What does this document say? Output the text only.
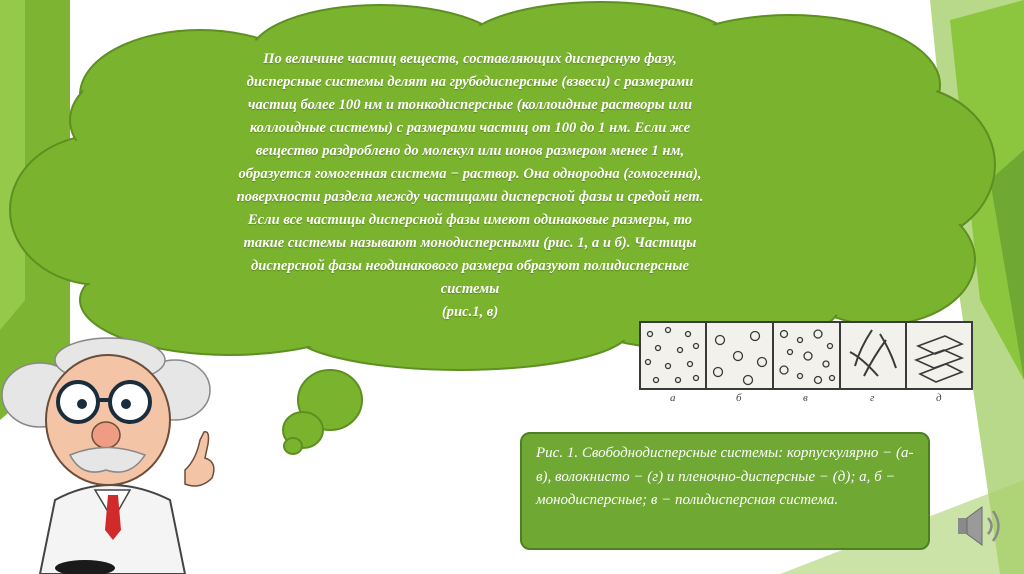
По величине частиц веществ, составляющих дисперсную фазу,
дисперсные системы делят на грубодисперсные (взвеси) с размерами
частиц более 100 нм и тонкодисперсные (коллоидные растворы или
коллоидные системы) с размерами частиц от 100 до 1 нм. Если же
вещество раздроблено до молекул или ионов размером менее 1 нм,
образуется гомогенная система − раствор. Она однородна (гомогенна),
поверхности раздела между частицами дисперсной фазы и средой нет.
Если все частицы дисперсной фазы имеют одинаковые размеры, то
такие системы называют монодисперсными (рис. 1, а и б). Частицы
дисперсной фазы неодинакового размера образуют полидисперсные
системы
(рис.1, в)
а	б	в	г	д
Рис. 1. Свободнодисперсные системы: корпускулярно − (а-в), волокнисто − (г) и пленочно-дисперсные − (д); а, б − монодисперсные; в − полидисперсная система.
